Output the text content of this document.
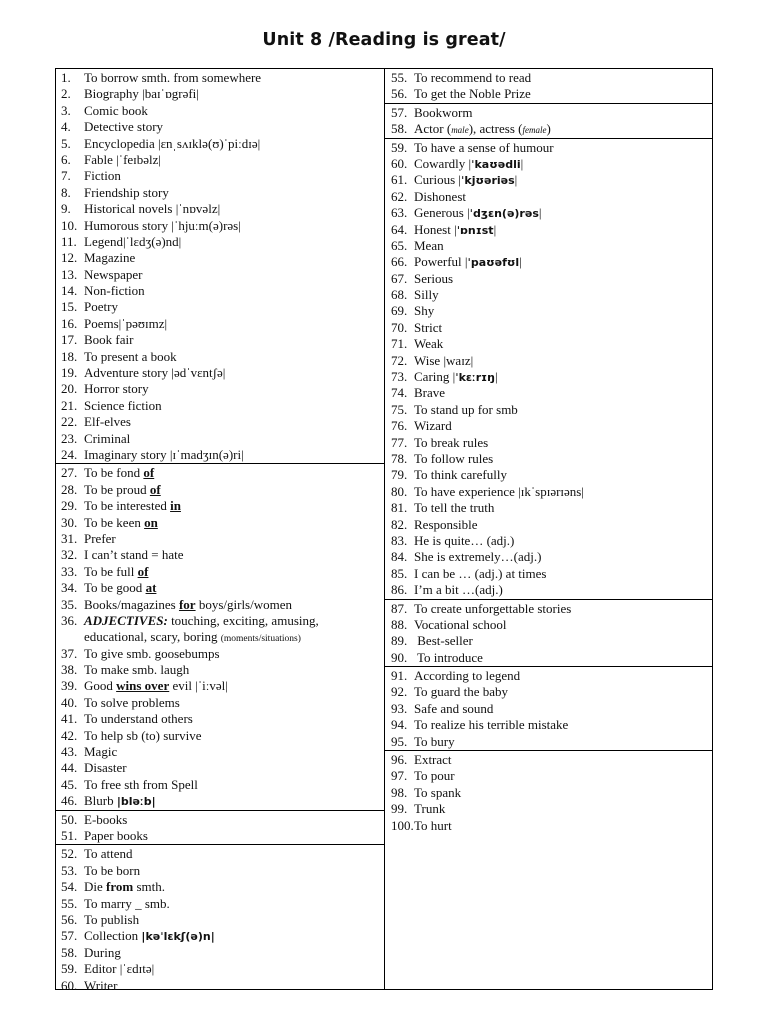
Unit 8 /Reading is great/
1. To borrow smth. from somewhere
2. Biography |baɪˈɒgrəfi|
3. Comic book
4. Detective story
5. Encyclopedia |ɛnˌsʌɪklə(ʊ)ˈpiːdɪə|
6. Fable |ˈfeɪbəlz|
7. Fiction
8. Friendship story
9. Historical novels |ˈnɒvəlz|
10. Humorous story |ˈhjuːm(ə)rəs|
11. Legend|ˈlɛdʒ(ə)nd|
12. Magazine
13. Newspaper
14. Non-fiction
15. Poetry
16. Poems|ˈpəʊɪmz|
17. Book fair
18. To present a book
19. Adventure story |ədˈvɛntʃə|
20. Horror story
21. Science fiction
22. Elf-elves
23. Criminal
24. Imaginary story |ɪˈmadʒɪn(ə)ri|
27. To be fond of
28. To be proud of
29. To be interested in
30. To be keen on
31. Prefer
32. I can’t stand = hate
33. To be full of
34. To be good at
35. Books/magazines for boys/girls/women
36. ADJECTIVES: touching, exciting, amusing,
educational, scary, boring (moments/situations)
37. To give smb. goosebumps
38. To make smb. laugh
39. Good wins over evil |ˈiːvəl|
40. To solve problems
41. To understand others
42. To help sb (to) survive
43. Magic
44. Disaster
45. To free sth from Spell
46. Blurb |bləːb|
50. E-books
51. Paper books
52. To attend
53. To be born
54. Die from smth.
55. To marry _ smb.
56. To publish
57. Collection |kəˈlɛkʃ(ə)n|
58. During
59. Editor |ˈɛdɪtə|
60. Writer
55. To recommend to read
56. To get the Noble Prize
57. Bookworm
58. Actor (male), actress (female)
59. To have a sense of humour
60. Cowardly |ˈkaʊədli|
61. Curious |ˈkjʊəriəs|
62. Dishonest
63. Generous |ˈdʒɛn(ə)rəs|
64. Honest |ˈɒnɪst|
65. Mean
66. Powerful |ˈpaʊəfʊl|
67. Serious
68. Silly
69. Shy
70. Strict
71. Weak
72. Wise |waɪz|
73. Caring |ˈkɛːrɪŋ|
74. Brave
75. To stand up for smb
76. Wizard
77. To break rules
78. To follow rules
79. To think carefully
80. To have experience |ɪkˈspɪərɪəns|
81. To tell the truth
82. Responsible
83. He is quite… (adj.)
84. She is extremely…(adj.)
85. I can be … (adj.) at times
86. I’m a bit …(adj.)
87. To create unforgettable stories
88. Vocational school
89. Best-seller
90. To introduce
91. According to legend
92. To guard the baby
93. Safe and sound
94. To realize his terrible mistake
95. To bury
96. Extract
97. To pour
98. To spank
99. Trunk
100.To hurt
